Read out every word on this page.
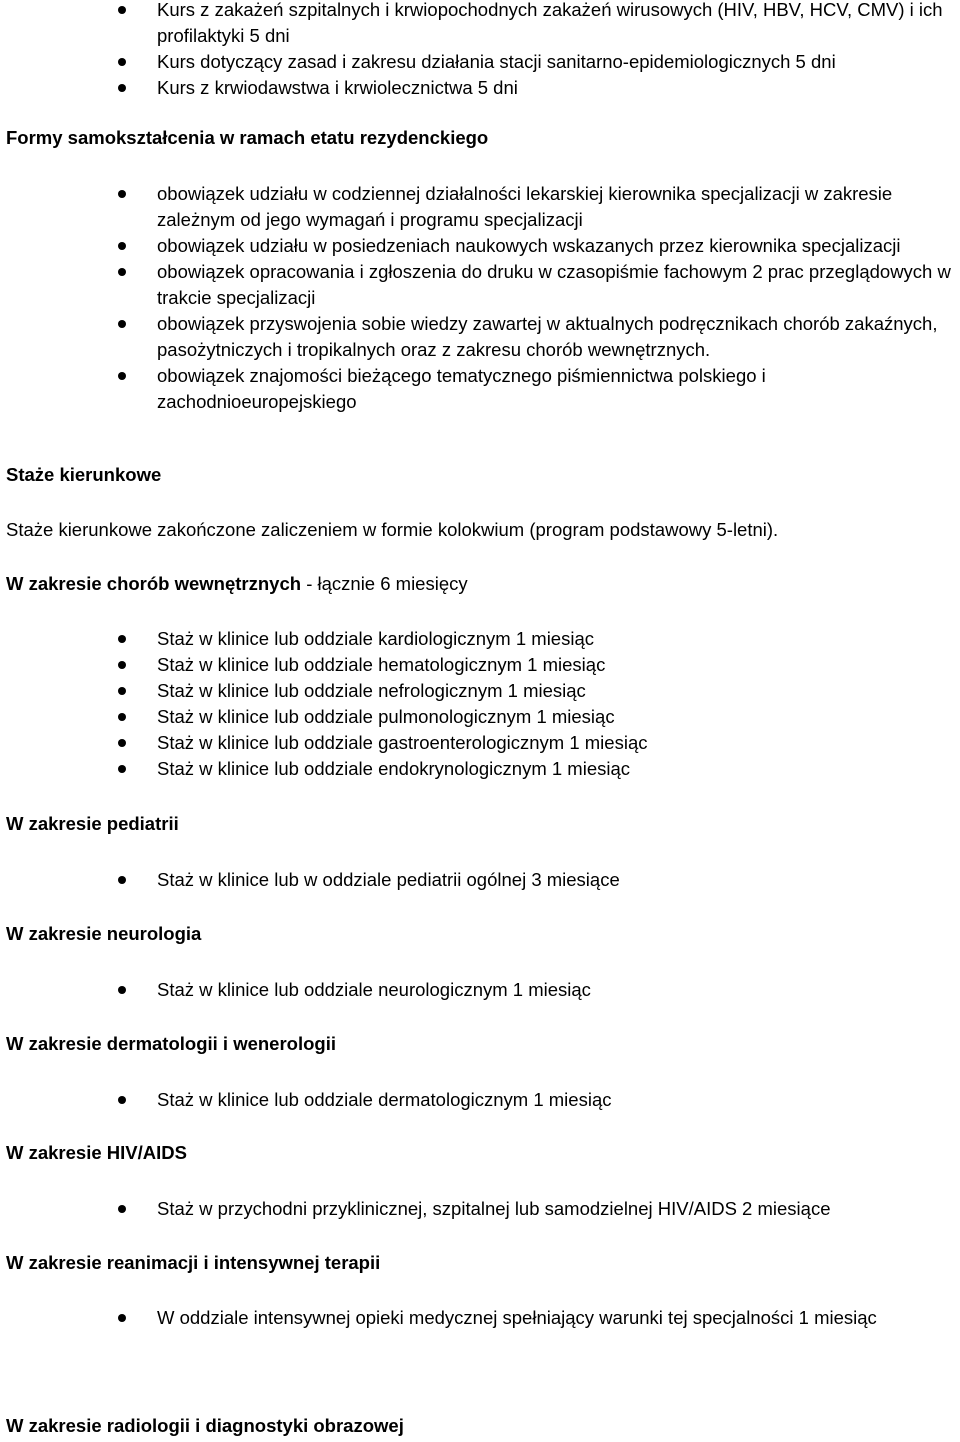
Kurs z zakażeń szpitalnych i krwiopochodnych zakażeń wirusowych (HIV, HBV, HCV, CMV) i ich profilaktyki 5 dni
Kurs dotyczący zasad i zakresu działania stacji sanitarno-epidemiologicznych 5 dni
Kurs z krwiodawstwa i krwiolecznictwa 5 dni
Formy samokształcenia w ramach etatu rezydenckiego
obowiązek udziału w codziennej działalności lekarskiej kierownika specjalizacji w zakresie zależnym od jego wymagań i programu specjalizacji
obowiązek udziału w posiedzeniach naukowych wskazanych przez kierownika specjalizacji
obowiązek opracowania i zgłoszenia do druku w czasopiśmie fachowym 2 prac przeglądowych w trakcie specjalizacji
obowiązek przyswojenia sobie wiedzy zawartej w aktualnych podręcznikach chorób zakaźnych, pasożytniczych i tropikalnych oraz z zakresu chorób wewnętrznych.
obowiązek znajomości bieżącego tematycznego piśmiennictwa polskiego i zachodnioeuropejskiego
Staże kierunkowe
Staże kierunkowe zakończone zaliczeniem w formie kolokwium (program podstawowy 5-letni).
W zakresie chorób wewnętrznych - łącznie 6 miesięcy
Staż w klinice lub oddziale kardiologicznym 1 miesiąc
Staż w klinice lub oddziale hematologicznym 1 miesiąc
Staż w klinice lub oddziale nefrologicznym 1 miesiąc
Staż w klinice lub oddziale pulmonologicznym 1 miesiąc
Staż w klinice lub oddziale gastroenterologicznym 1 miesiąc
Staż w klinice lub oddziale endokrynologicznym 1 miesiąc
W zakresie pediatrii
Staż w klinice lub w oddziale pediatrii ogólnej 3 miesiące
W zakresie neurologia
Staż w klinice lub oddziale neurologicznym 1 miesiąc
W zakresie dermatologii i wenerologii
Staż w klinice lub oddziale dermatologicznym 1 miesiąc
W zakresie HIV/AIDS
Staż w przychodni przyklinicznej, szpitalnej lub samodzielnej HIV/AIDS 2 miesiące
W zakresie reanimacji i intensywnej terapii
W oddziale intensywnej opieki medycznej spełniający warunki tej specjalności 1 miesiąc
W zakresie radiologii i diagnostyki obrazowej
